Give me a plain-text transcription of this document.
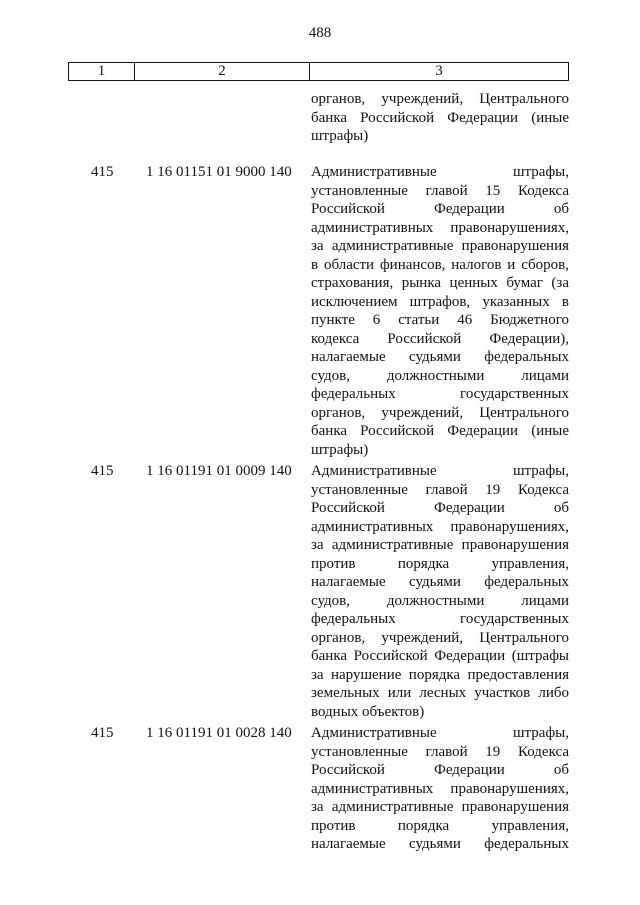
488
1	2	3
органов, учреждений, Центрального
банка Российской Федерации (иные
штрафы)
415 1 16 01151 01 9000 140 Административные штрафы,
установленные главой 15 Кодекса
Российской Федерации об
административных правонарушениях,
за административные правонарушения
в области финансов, налогов и сборов,
страхования, рынка ценных бумаг (за
исключением штрафов, указанных в
пункте 6 статьи 46 Бюджетного
кодекса Российской Федерации),
налагаемые судьями федеральных
судов, должностными лицами
федеральных государственных
органов, учреждений, Центрального
банка Российской Федерации (иные
штрафы)
415 1 16 01191 01 0009 140 Административные штрафы,
установленные главой 19 Кодекса
Российской Федерации об
административных правонарушениях,
за административные правонарушения
против порядка управления,
налагаемые судьями федеральных
судов, должностными лицами
федеральных государственных
органов, учреждений, Центрального
банка Российской Федерации (штрафы
за нарушение порядка предоставления
земельных или лесных участков либо
водных объектов)
415 1 16 01191 01 0028 140 Административные штрафы,
установленные главой 19 Кодекса
Российской Федерации об
административных правонарушениях,
за административные правонарушения
против порядка управления,
налагаемые судьями федеральных
